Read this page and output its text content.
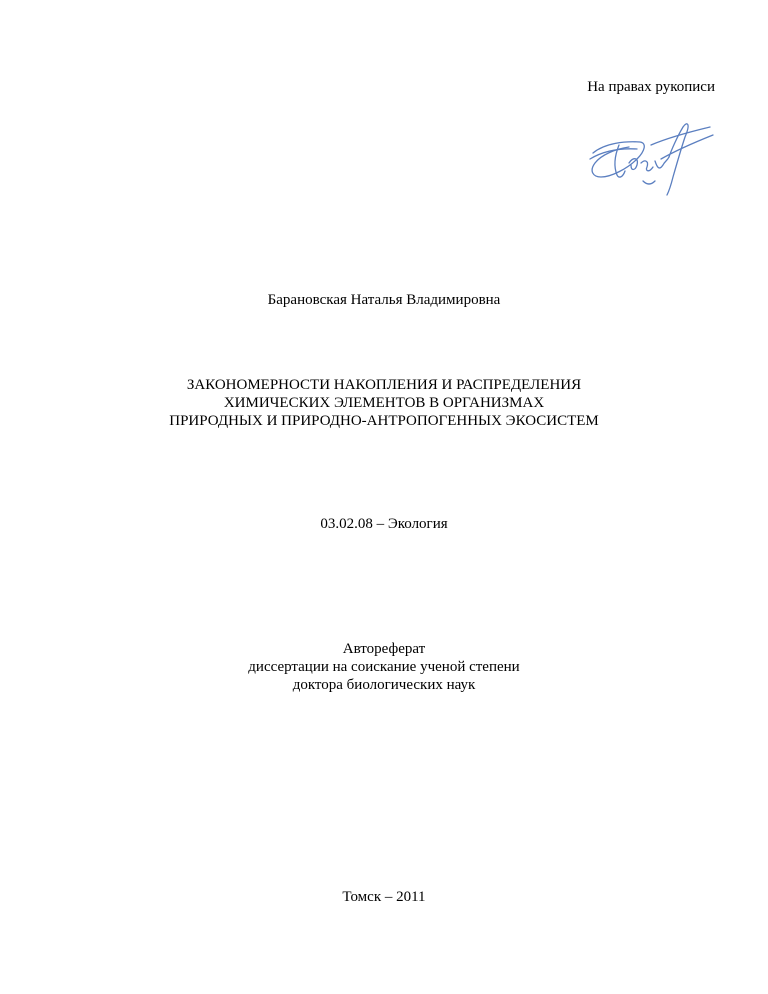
На правах рукописи
Барановская Наталья Владимировна
ЗАКОНОМЕРНОСТИ НАКОПЛЕНИЯ И РАСПРЕДЕЛЕНИЯ
ХИМИЧЕСКИХ ЭЛЕМЕНТОВ В ОРГАНИЗМАХ
ПРИРОДНЫХ И ПРИРОДНО-АНТРОПОГЕННЫХ ЭКОСИСТЕМ
03.02.08 – Экология
Автореферат
диссертации на соискание ученой степени
доктора биологических наук
Томск – 2011
